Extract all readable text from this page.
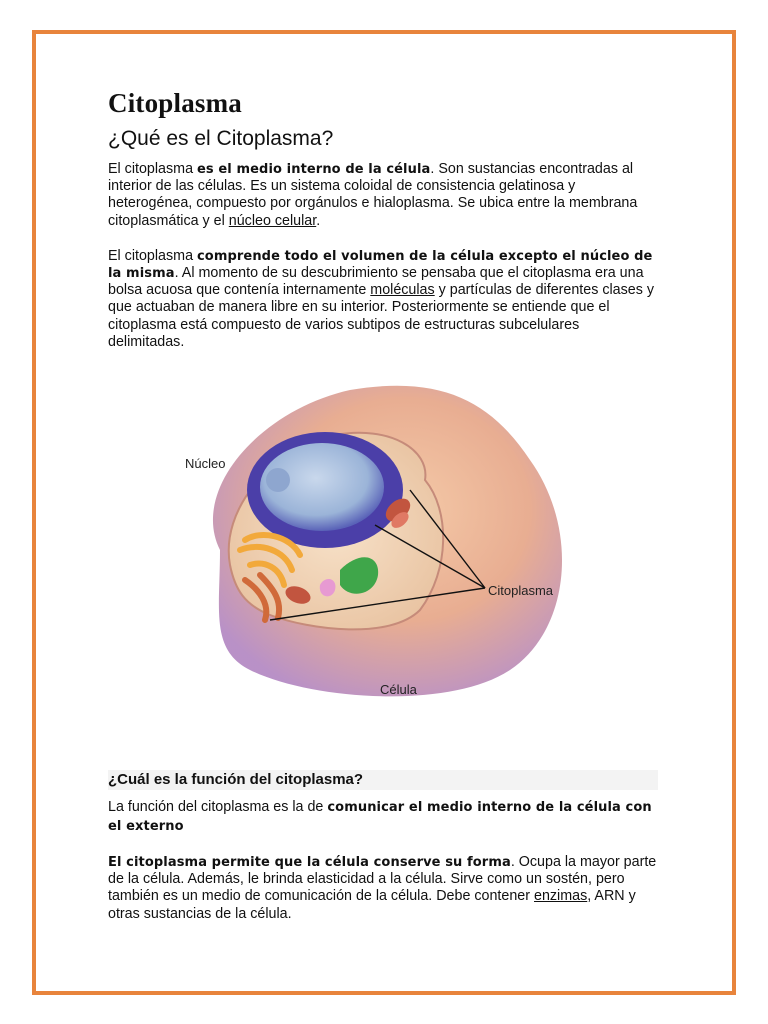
Citoplasma
¿Qué es el Citoplasma?

El citoplasma es el medio interno de la célula. Son sustancias encontradas al interior de las células. Es un sistema coloidal de consistencia gelatinosa y heterogénea, compuesto por orgánulos e hialoplasma. Se ubica entre la membrana citoplasmática y el núcleo celular.

El citoplasma comprende todo el volumen de la célula excepto el núcleo de la misma. Al momento de su descubrimiento se pensaba que el citoplasma era una bolsa acuosa que contenía internamente moléculas y partículas de diferentes clases y que actuaban de manera libre en su interior. Posteriormente se entiende que el citoplasma está compuesto de varios subtipos de estructuras subcelulares delimitadas.

Núcleo
Citoplasma
Célula
¿Cuál es la función del citoplasma?

La función del citoplasma es la de comunicar el medio interno de la célula con el externo

El citoplasma permite que la célula conserve su forma. Ocupa la mayor parte de la célula. Además, le brinda elasticidad a la célula. Sirve como un sostén, pero también es un medio de comunicación de la célula. Debe contener enzimas, ARN y otras sustancias de la célula.
